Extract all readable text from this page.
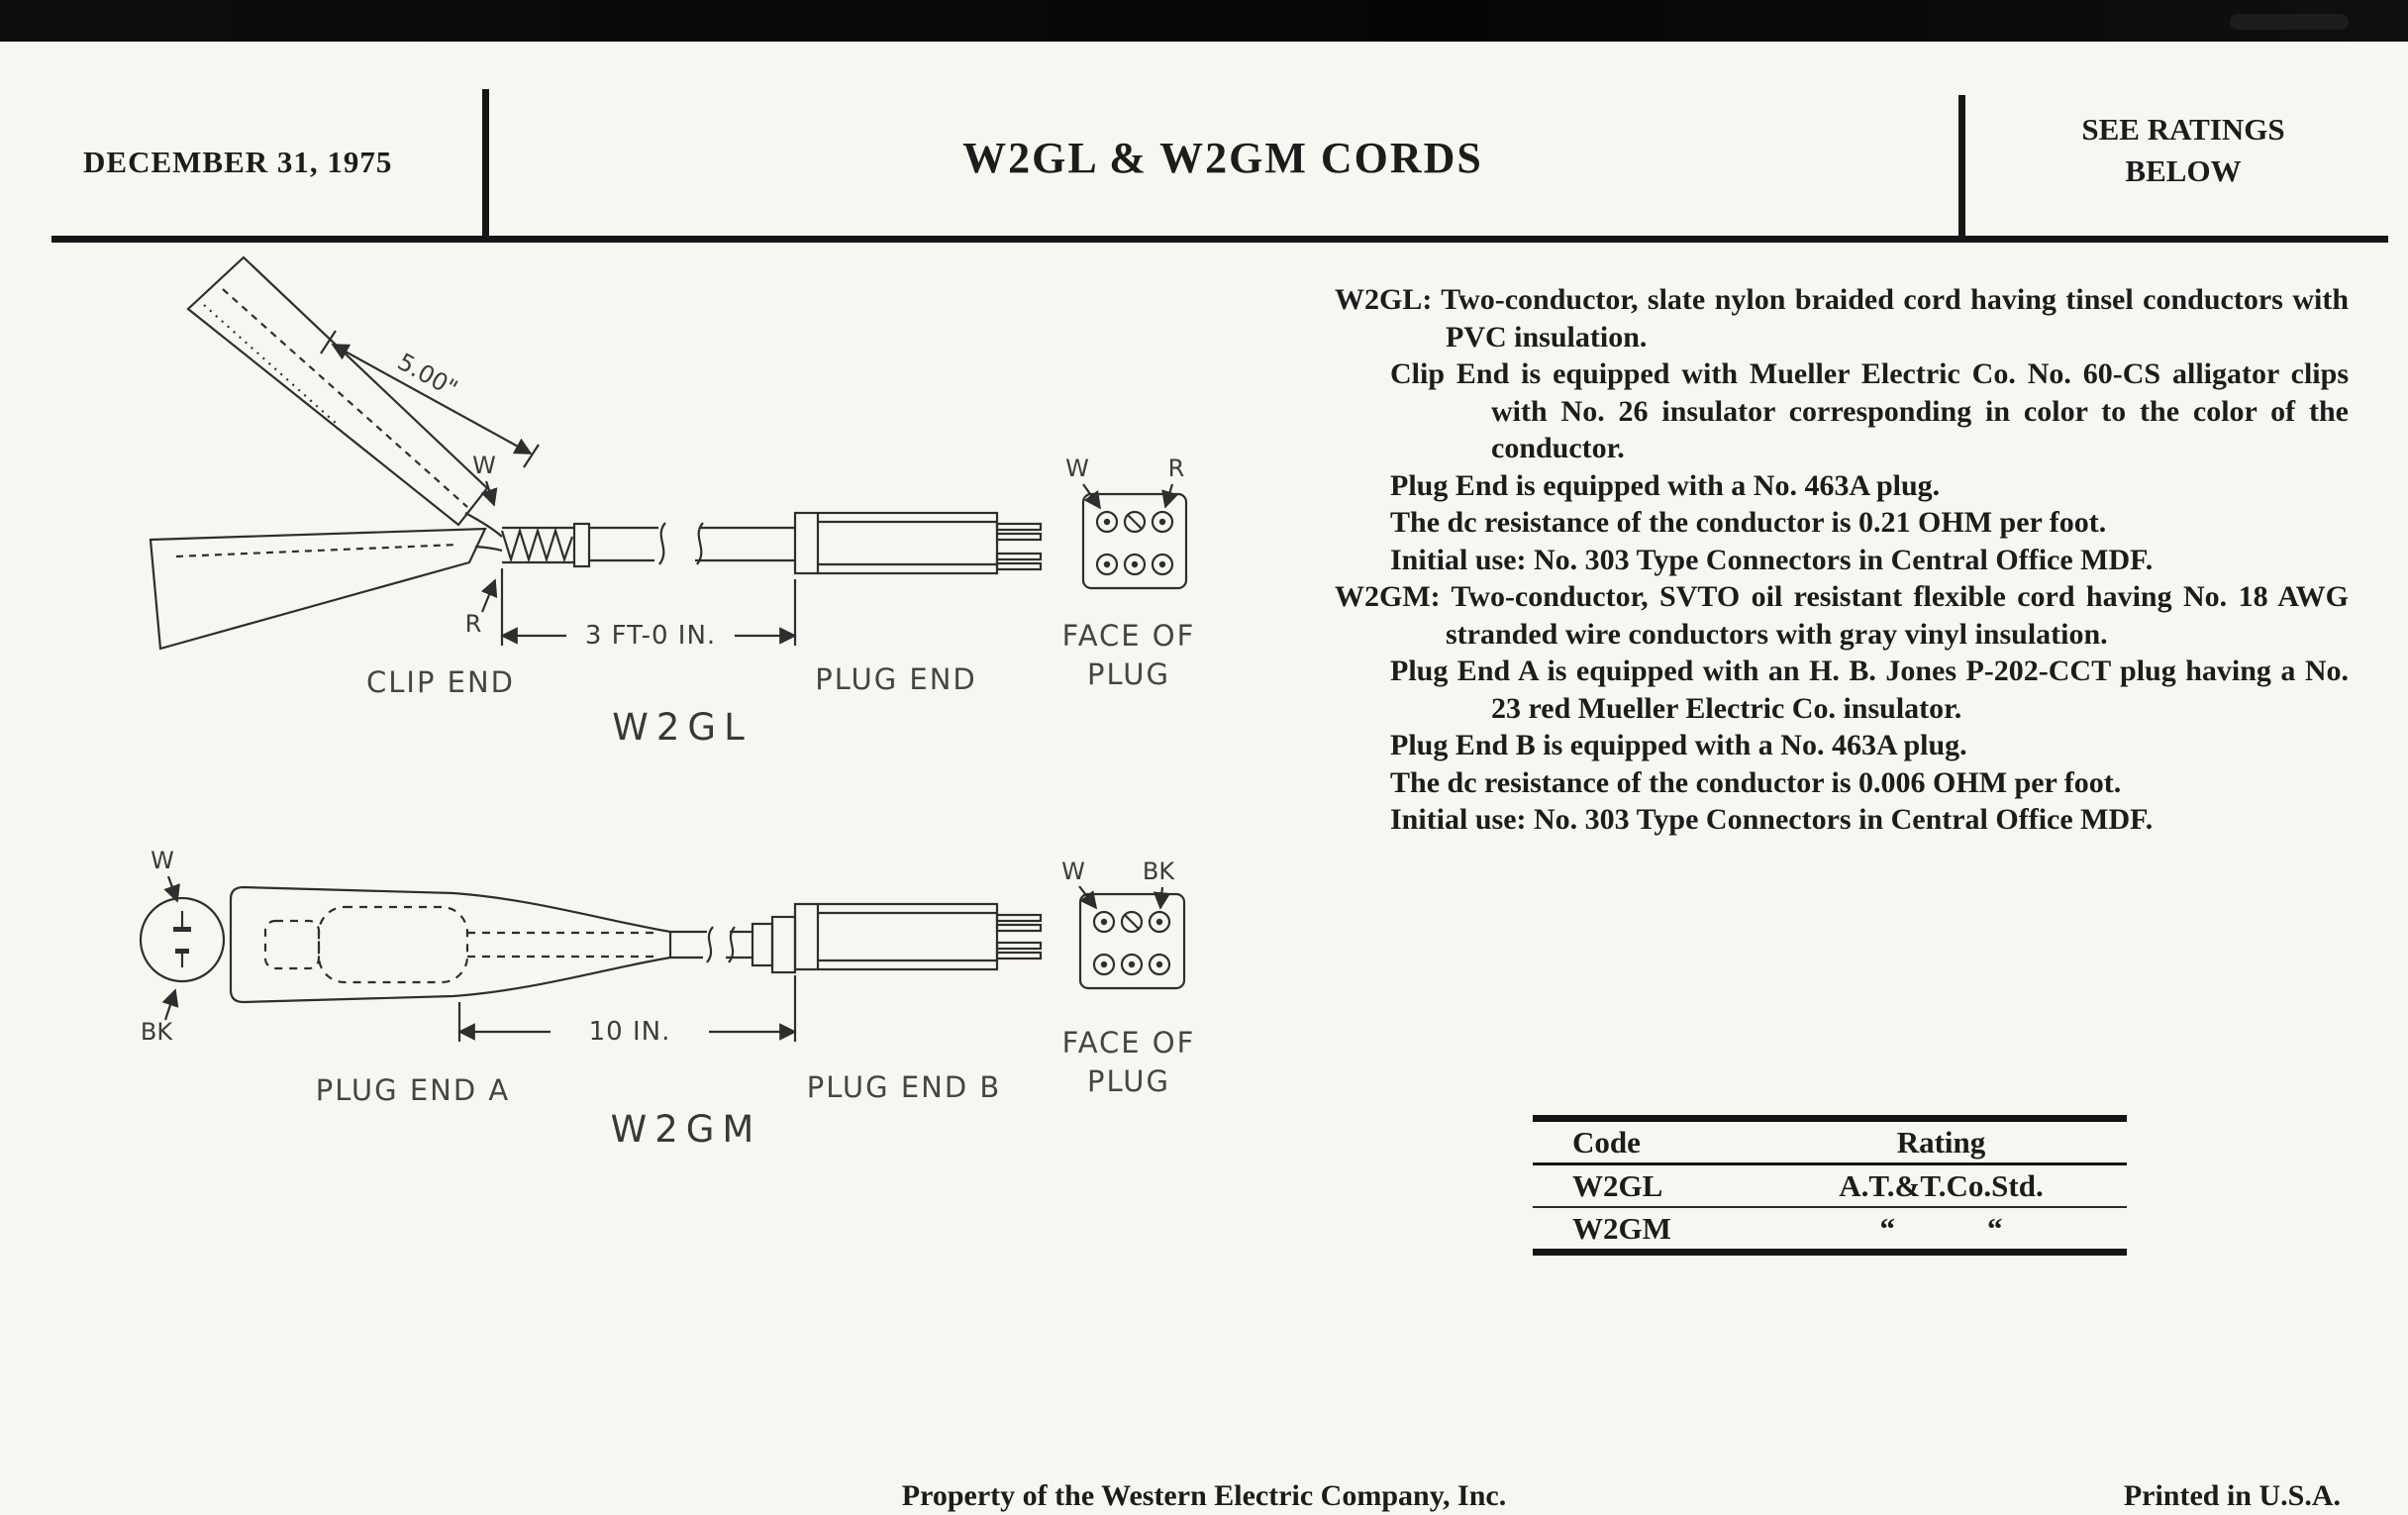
DECEMBER 31, 1975	W2GL & W2GM CORDS
SEE RATINGS
BELOW
5.00"
W
R	3 FT-0 IN.
CLIP END	PLUG END
FACE OF
PLUG
W	R
W2GL
W
BK	10 IN.
PLUG END A	PLUG END B
FACE OF
PLUG
W BK
W2GM

W2GL: Two-conductor, slate nylon braided cord having tinsel conductors with PVC insulation.

Clip End is equipped with Mueller Electric Co. No. 60-CS alligator clips with No. 26 insulator corresponding in color to the color of the conductor.

Plug End is equipped with a No. 463A plug.

The dc resistance of the conductor is 0.21 OHM per foot.

Initial use: No. 303 Type Connectors in Central Office MDF.

W2GM: Two-conductor, SVTO oil resistant flexible cord having No. 18 AWG stranded wire conductors with gray vinyl insulation.

Plug End A is equipped with an H. B. Jones P-202-CCT plug having a No. 23 red Mueller Electric Co. insulator.

Plug End B is equipped with a No. 463A plug.

The dc resistance of the conductor is 0.006 OHM per foot.

Initial use: No. 303 Type Connectors in Central Office MDF.

Code	Rating
W2GL	A.T.&T.Co.Std.
W2GM	“   “
Property of the Western Electric Company, Inc.	Printed in U.S.A.
